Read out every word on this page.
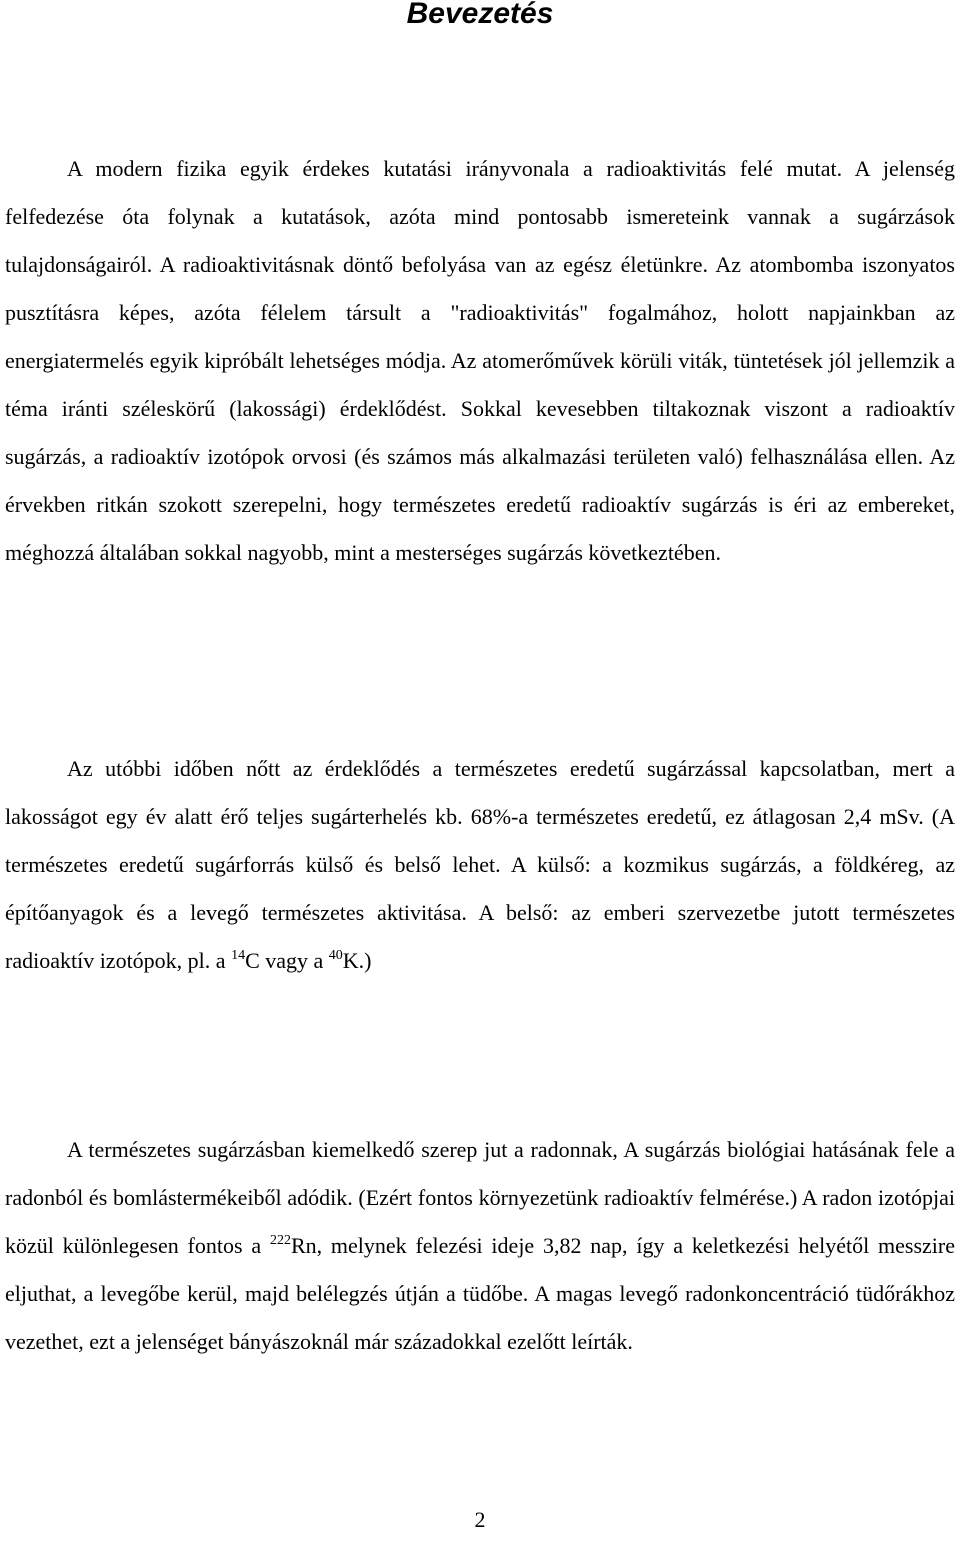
Bevezetés

A modern fizika egyik érdekes kutatási irányvonala a radioaktivitás felé mutat. A jelenség felfedezése óta folynak a kutatások, azóta mind pontosabb ismereteink vannak a sugárzások tulajdonságairól. A radioaktivitásnak döntő befolyása van az egész életünkre. Az atombomba iszonyatos pusztításra képes, azóta félelem társult a "radioaktivitás" fogalmához, holott napjainkban az energiatermelés egyik kipróbált lehetséges módja. Az atomerőművek körüli viták, tüntetések jól jellemzik a téma iránti széleskörű (lakossági) érdeklődést. Sokkal kevesebben tiltakoznak viszont a radioaktív sugárzás, a radioaktív izotópok orvosi (és számos más alkalmazási területen való) felhasználása ellen. Az érvekben ritkán szokott szerepelni, hogy természetes eredetű radioaktív sugárzás is éri az embereket, méghozzá általában sokkal nagyobb, mint a mesterséges sugárzás következtében.

Az utóbbi időben nőtt az érdeklődés a természetes eredetű sugárzással kapcsolatban, mert a lakosságot egy év alatt érő teljes sugárterhelés kb. 68%-a természetes eredetű, ez átlagosan 2,4 mSv. (A természetes eredetű sugárforrás külső és belső lehet. A külső: a kozmikus sugárzás, a földkéreg, az építőanyagok és a levegő természetes aktivitása. A belső: az emberi szervezetbe jutott természetes radioaktív izotópok, pl. a $^{14}$C vagy a $^{40}$K.)

A természetes sugárzásban kiemelkedő szerep jut a radonnak, A sugárzás biológiai hatásának fele a radonból és bomlástermékeiből adódik. (Ezért fontos környezetünk radioaktív felmérése.) A radon izotópjai közül különlegesen fontos a $^{222}$Rn, melynek felezési ideje 3,82 nap, így a keletkezési helyétől messzire eljuthat, a levegőbe kerül, majd belélegzés útján a tüdőbe. A magas levegő radonkoncentráció tüdőrákhoz vezethet, ezt a jelenséget bányászoknál már századokkal ezelőtt leírták.

2
